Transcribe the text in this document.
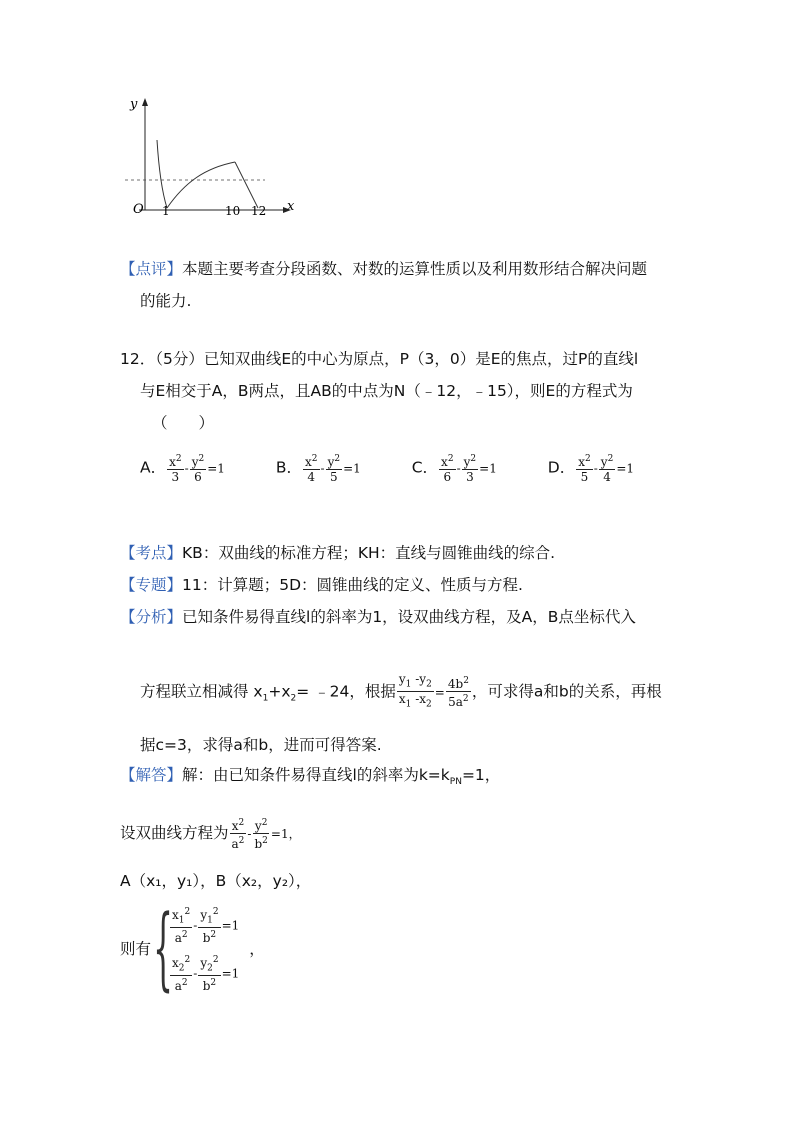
y
x
O 1	10 12
【点评】本题主要考查分段函数、对数的运算性质以及利用数形结合解决问题
的能力.
12．（5分）已知双曲线E的中心为原点，P（3，0）是E的焦点，过P的直线l
与E相交于A，B两点，且AB的中点为N（﹣12，﹣15），则E的方程式为
（　　）
A． $\frac{x^2}{3} - \frac{y^2}{6} =1$	B． $\frac{x^2}{4} - \frac{y^2}{5} =1$	C． $\frac{x^2}{6} - \frac{y^2}{3} =1$	D． $\frac{x^2}{5} - \frac{y^2}{4} =1$
【考点】KB：双曲线的标准方程；KH：直线与圆锥曲线的综合.
【专题】11：计算题；5D：圆锥曲线的定义、性质与方程.
【分析】已知条件易得直线l的斜率为1，设双曲线方程，及A，B点坐标代入
方程联立相减得 $x_1+x_2=$ ﹣24，根据 $\frac{y_1 -y_2}{x_1 -x_2} = \frac{4b^2}{5a^2}$ ，可求得a和b的关系，再根
据c=3，求得a和b，进而可得答案.
【解答】解：由已知条件易得直线l的斜率为$k=k_{PN}=1$，
设双曲线方程为 $\frac{x^2}{a^2} - \frac{y^2}{b^2} =1$，
A（x₁，y₁），B（x₂，y₂），
则有 {
$\frac{x_1^2}{a^2} - \frac{y_1^2}{b^2} =1$
$\frac{x_2^2}{a^2} - \frac{y_2^2}{b^2} =1$
，
